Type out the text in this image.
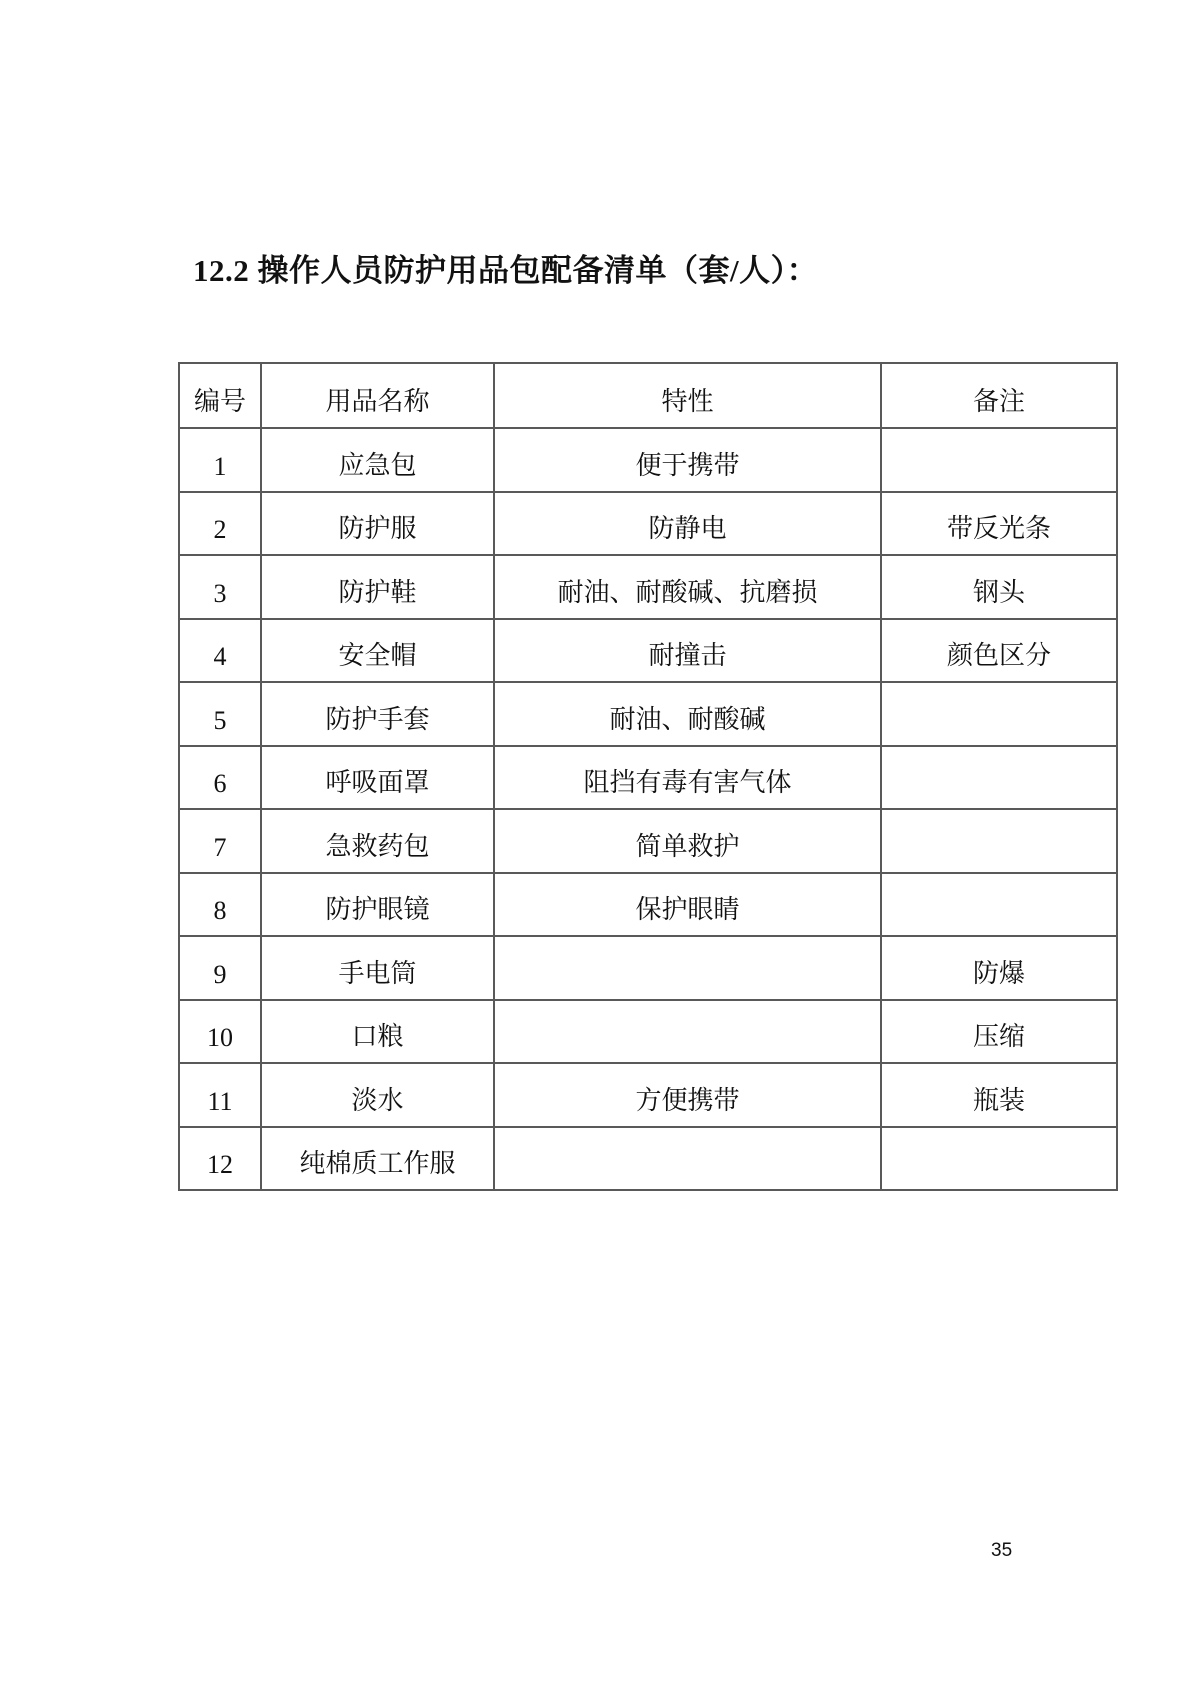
12.2 操作人员防护用品包配备清单（套/人）：
编号	用品名称	特性	备注
1	应急包	便于携带	
2	防护服	防静电	带反光条
3	防护鞋	耐油、耐酸碱、抗磨损	钢头
4	安全帽	耐撞击	颜色区分
5	防护手套	耐油、耐酸碱	
6	呼吸面罩	阻挡有毒有害气体	
7	急救药包	简单救护	
8	防护眼镜	保护眼睛	
9	手电筒		防爆
10	口粮		压缩
11	淡水	方便携带	瓶装
12	纯棉质工作服		
35
